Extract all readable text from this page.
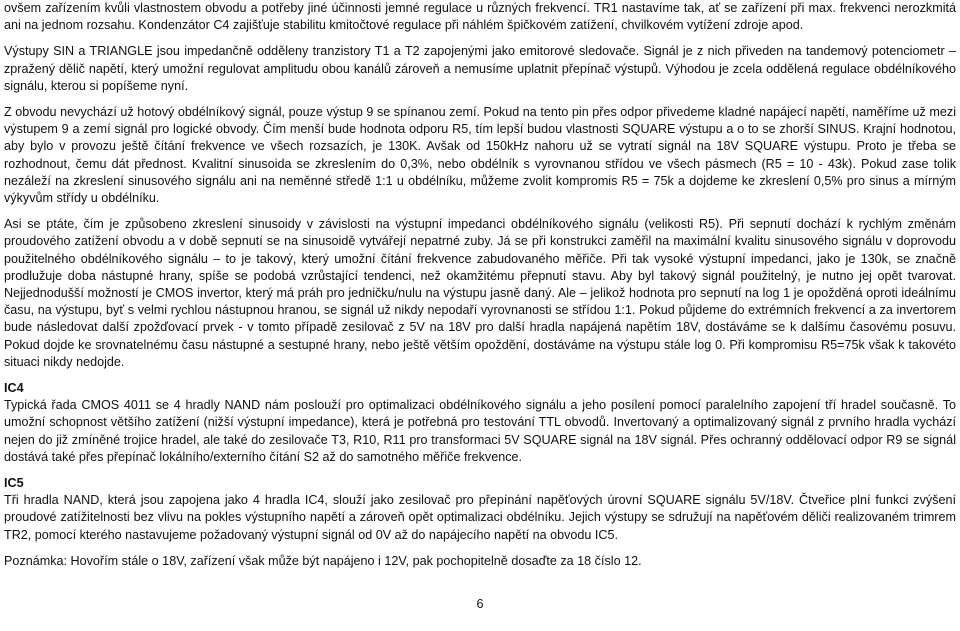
ovšem zařízením kvůli vlastnostem obvodu a potřeby jiné účinnosti jemné regulace u různých frekvencí. TR1 nastavíme tak, ať se zařízení při max. frekvenci nerozkmitá ani na jednom rozsahu. Kondenzátor C4 zajišťuje stabilitu kmitočtové regulace při náhlém špičkovém zatížení, chvilkovém vytížení zdroje apod.

Výstupy SIN a TRIANGLE jsou impedančně odděleny tranzistory T1 a T2 zapojenými jako emitorové sledovače. Signál je z nich přiveden na tandemový potenciometr – zpražený dělič napětí, který umožní regulovat amplitudu obou kanálů zároveň a nemusíme uplatnit přepínač výstupů. Výhodou je zcela oddělená regulace obdélníkového signálu, kterou si popíšeme nyní.

Z obvodu nevychází už hotový obdélníkový signál, pouze výstup 9 se spínanou zemí. Pokud na tento pin přes odpor přivedeme kladné napájecí napětí, naměříme už mezi výstupem 9 a zemí signál pro logické obvody. Čím menší bude hodnota odporu R5, tím lepší budou vlastnosti SQUARE výstupu a o to se zhorší SINUS. Krajní hodnotou, aby bylo v provozu ještě čítání frekvence ve všech rozsazích, je 130K. Avšak od 150kHz nahoru už se vytratí signál na 18V SQUARE výstupu. Proto je třeba se rozhodnout, čemu dát přednost. Kvalitní sinusoida se zkreslením do 0,3%, nebo obdélník s vyrovnanou střídou ve všech pásmech (R5 = 10 - 43k). Pokud zase tolik nezáleží na zkreslení sinusového signálu ani na neměnné středě 1:1 u obdélníku, můžeme zvolit kompromis R5 = 75k a dojdeme ke zkreslení 0,5% pro sinus a mírným výkyvům střídy u obdélníku.

Asi se ptáte, čím je způsobeno zkreslení sinusoidy v závislosti na výstupní impedanci obdélníkového signálu (velikosti R5). Při sepnutí dochází k rychlým změnám proudového zatížení obvodu a v době sepnutí se na sinusoidě vytvářejí nepatrné zuby. Já se při konstrukci zaměřil na maximální kvalitu sinusového signálu v doprovodu použitelného obdélníkového signálu – to je takový, který umožní čítání frekvence zabudovaného měřiče. Při tak vysoké výstupní impedanci, jako je 130k, se značně prodlužuje doba nástupné hrany, spíše se podobá vzrůstající tendenci, než okamžitému přepnutí stavu. Aby byl takový signál použitelný, je nutno jej opět tvarovat. Nejjednodušší možností je CMOS invertor, který má práh pro jedničku/nulu na výstupu jasně daný. Ale – jelikož hodnota pro sepnutí na log 1 je opožděná oproti ideálnímu času, na výstupu, byť s velmi rychlou nástupnou hranou, se signál už nikdy nepodaří vyrovnanosti se střídou 1:1. Pokud půjdeme do extrémních frekvencí a za invertorem bude následovat další zpožďovací prvek - v tomto případě zesilovač z 5V na 18V pro další hradla napájená napětím 18V, dostáváme se k dalšímu časovému posuvu. Pokud dojde ke srovnatelnému času nástupné a sestupné hrany, nebo ještě větším opoždění, dostáváme na výstupu stále log 0. Při kompromisu R5=75k však k takovéto situaci nikdy nedojde.

IC4

Typická řada CMOS 4011 se 4 hradly NAND nám poslouží pro optimalizaci obdélníkového signálu a jeho posílení pomocí paralelního zapojení tří hradel současně. To umožní schopnost většího zatížení (nižší výstupní impedance), která je potřebná pro testování TTL obvodů. Invertovaný a optimalizovaný signál z prvního hradla vychází nejen do již zmíněné trojice hradel, ale také do zesilovače T3, R10, R11 pro transformaci 5V SQUARE signál na 18V signál. Přes ochranný oddělovací odpor R9 se signál dostává také přes přepínač lokálního/externího čítání S2 až do samotného měřiče frekvence.

IC5

Tři hradla NAND, která jsou zapojena jako 4 hradla IC4, slouží jako zesilovač pro přepínání napěťových úrovní SQUARE signálu 5V/18V. Čtveřice plní funkci zvýšení proudové zatížitelnosti bez vlivu na pokles výstupního napětí a zároveň opět optimalizaci obdélníku. Jejich výstupy se sdružují na napěťovém děliči realizovaném trimrem TR2, pomocí kterého nastavujeme požadovaný výstupní signál od 0V až do napájecího napětí na obvodu IC5.

Poznámka: Hovořím stále o 18V, zařízení však může být napájeno i 12V, pak pochopitelně dosaďte za 18 číslo 12.

6
